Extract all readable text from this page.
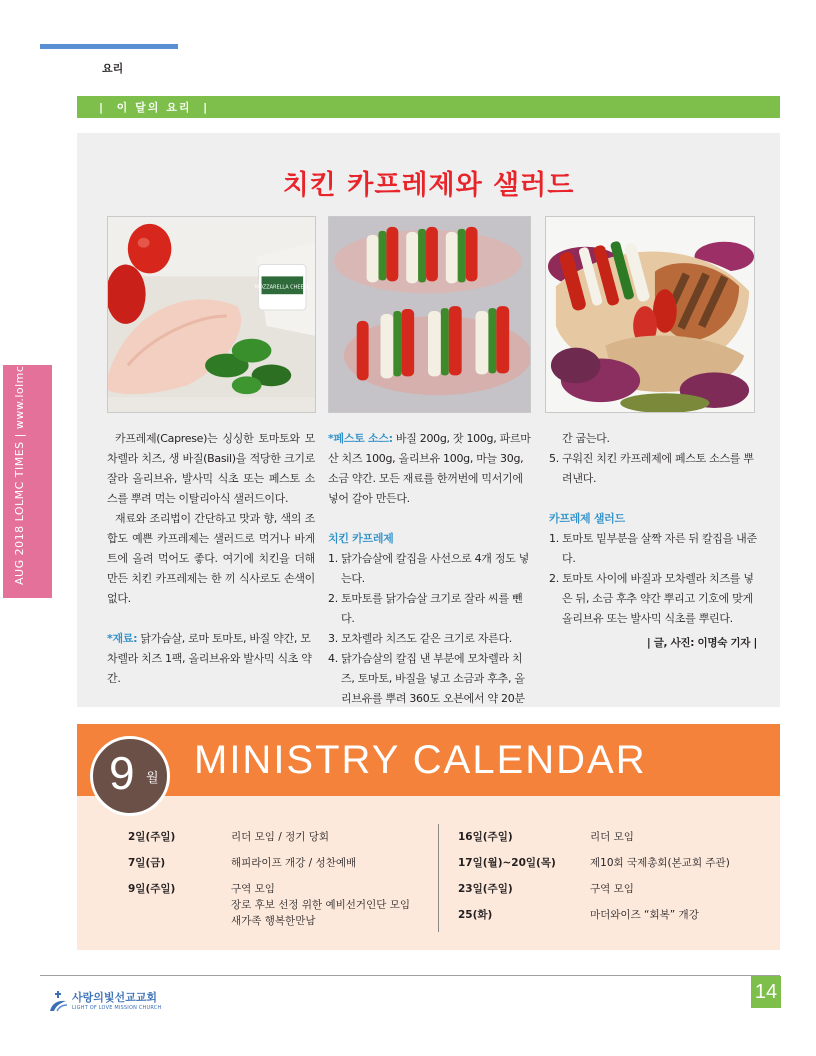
요리
|  이 달의 요리  |
AUG 2018 LOLMC TIMES | www.lolmc.org
치킨 카프레제와 샐러드
MOZZARELLA CHEESE

카프레제(Caprese)는 싱싱한 토마토와 모차렐라 치즈, 생 바질(Basil)을 적당한 크기로 잘라 올리브유, 발사믹 식초 또는 페스토 소스를 뿌려 먹는 이탈리아식 샐러드이다.

재료와 조리법이 간단하고 맛과 향, 색의 조합도 예쁜 카프레제는 샐러드로 먹거나 바게트에 올려 먹어도 좋다. 여기에 치킨을 더해 만든 치킨 카프레제는 한 끼 식사로도 손색이 없다.

*재료: 닭가슴살, 로마 토마토, 바질 약간, 모차렐라 치즈 1팩, 올리브유와 발사믹 식초 약간.

*페스토 소스: 바질 200g, 잣 100g, 파르마산 치즈 100g, 올리브유 100g, 마늘 30g, 소금 약간. 모든 재료를 한꺼번에 믹서기에 넣어 갈아 만든다.

치킨 카프레제

1. 닭가슴살에 칼집을 사선으로 4개 정도 넣는다.

2. 토마토를 닭가슴살 크기로 잘라 씨를 뺀다.

3. 모차렐라 치즈도 같은 크기로 자른다.

4. 닭가슴살의 칼집 낸 부분에 모차렐라 치즈, 토마토, 바질을 넣고 소금과 후추, 올리브유를 뿌려 360도 오븐에서 약 20분

간 굽는다.

5. 구워진 치킨 카프레제에 페스토 소스를 뿌려낸다.

카프레제 샐러드

1. 토마토 밑부분을 살짝 자른 뒤 칼집을 내준다.

2. 토마토 사이에 바질과 모차렐라 치즈를 넣은 뒤, 소금 후추 약간 뿌리고 기호에 맞게 올리브유 또는 발사믹 식초를 뿌린다.

| 글, 사진: 이명숙 기자 |

MINISTRY CALENDAR
9 월
2일(주일)	리더 모임 / 정기 당회
7일(금)	해피라이프 개강 / 성찬예배
9일(주일)	구역 모임
장로 후보 선정 위한 예비선거인단 모임
새가족 행복한만남
16일(주일)	리더 모임
17일(월)~20일(목)	제10회 국제총회(본교회 주관)
23일(주일)	구역 모임
25(화)	마더와이즈 “회복” 개강
사랑의빛선교교회
LIGHT OF LOVE MISSION CHURCH
14
